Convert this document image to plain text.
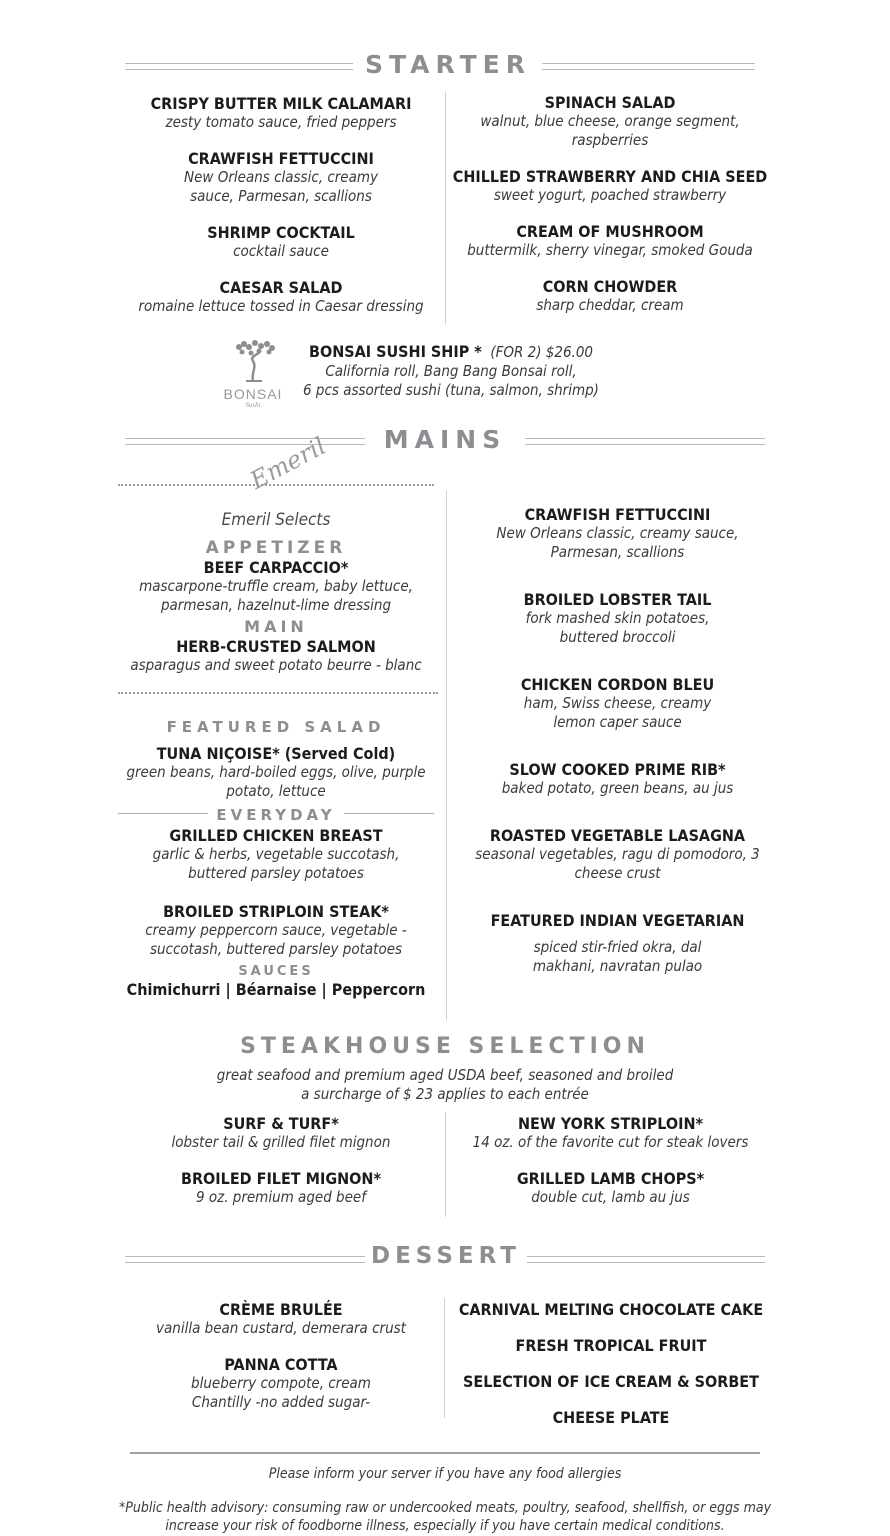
STARTER
CRISPY BUTTER MILK CALAMARI
zesty tomato sauce, fried peppers
CRAWFISH FETTUCCINI
New Orleans classic, creamy sauce, Parmesan, scallions
SHRIMP COCKTAIL
cocktail sauce
CAESAR SALAD
romaine lettuce tossed in Caesar dressing
SPINACH SALAD
walnut, blue cheese, orange segment, raspberries
CHILLED STRAWBERRY AND CHIA SEED
sweet yogurt, poached strawberry
CREAM OF MUSHROOM
buttermilk, sherry vinegar, smoked Gouda
CORN CHOWDER
sharp cheddar, cream
BONSAI
Sushi
BONSAI SUSHI SHIP * (FOR 2) $26.00
California roll, Bang Bang Bonsai roll,
6 pcs assorted sushi (tuna, salmon, shrimp)
MAINS
Emeril
Emeril Selects
APPETIZER
BEEF CARPACCIO*
mascarpone-truffle cream, baby lettuce, parmesan, hazelnut-lime dressing
MAIN
HERB-CRUSTED SALMON
asparagus and sweet potato beurre - blanc
FEATURED SALAD
TUNA NIÇOISE* (Served Cold)
green beans, hard-boiled eggs, olive, purple potato, lettuce
EVERYDAY
GRILLED CHICKEN BREAST
garlic & herbs, vegetable succotash, buttered parsley potatoes
BROILED STRIPLOIN STEAK*
creamy peppercorn sauce, vegetable - succotash, buttered parsley potatoes
SAUCES
Chimichurri | Béarnaise | Peppercorn
CRAWFISH FETTUCCINI
New Orleans classic, creamy sauce, Parmesan, scallions
BROILED LOBSTER TAIL
fork mashed skin potatoes, buttered broccoli
CHICKEN CORDON BLEU
ham, Swiss cheese, creamy lemon caper sauce
SLOW COOKED PRIME RIB*
baked potato, green beans, au jus
ROASTED VEGETABLE LASAGNA
seasonal vegetables, ragu di pomodoro, 3 cheese crust
FEATURED INDIAN VEGETARIAN
spiced stir-fried okra, dal makhani, navratan pulao
STEAKHOUSE SELECTION
great seafood and premium aged USDA beef, seasoned and broiled
a surcharge of $ 23 applies to each entrée
SURF & TURF*
lobster tail & grilled filet mignon
BROILED FILET MIGNON*
9 oz. premium aged beef
NEW YORK STRIPLOIN*
14 oz. of the favorite cut for steak lovers
GRILLED LAMB CHOPS*
double cut, lamb au jus
DESSERT
CRÈME BRULÉE
vanilla bean custard, demerara crust
PANNA COTTA
blueberry compote, cream Chantilly -no added sugar-
CARNIVAL MELTING CHOCOLATE CAKE
FRESH TROPICAL FRUIT
SELECTION OF ICE CREAM & SORBET
CHEESE PLATE
Please inform your server if you have any food allergies
*Public health advisory: consuming raw or undercooked meats, poultry, seafood, shellfish, or eggs may
increase your risk of foodborne illness, especially if you have certain medical conditions.
